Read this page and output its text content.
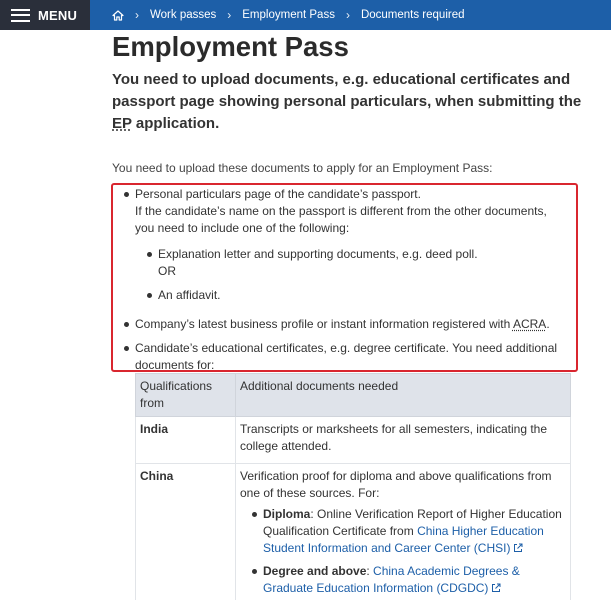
MENU	› Work passes › Employment Pass › Documents required
Employment Pass

You need to upload documents, e.g. educational certificates and passport page showing personal particulars, when submitting the EP application.

You need to upload these documents to apply for an Employment Pass:

Personal particulars page of the candidate’s passport.
If the candidate’s name on the passport is different from the other documents,
you need to include one of the following:
Explanation letter and supporting documents, e.g. deed poll.
OR
An affidavit.
Company’s latest business profile or instant information registered with ACRA.
Candidate’s educational certificates, e.g. degree certificate. You need additional
documents for:
Qualifications from	Additional documents needed
India	Transcripts or marksheets for all semesters, indicating the college attended.
China	Verification proof for diploma and above qualifications from one of these sources. For:
Diploma: Online Verification Report of Higher Education Qualification Certificate from China Higher Education Student Information and Career Center (CHSI)
Degree and above: China Academic Degrees & Graduate Education Information (CDGDC)
